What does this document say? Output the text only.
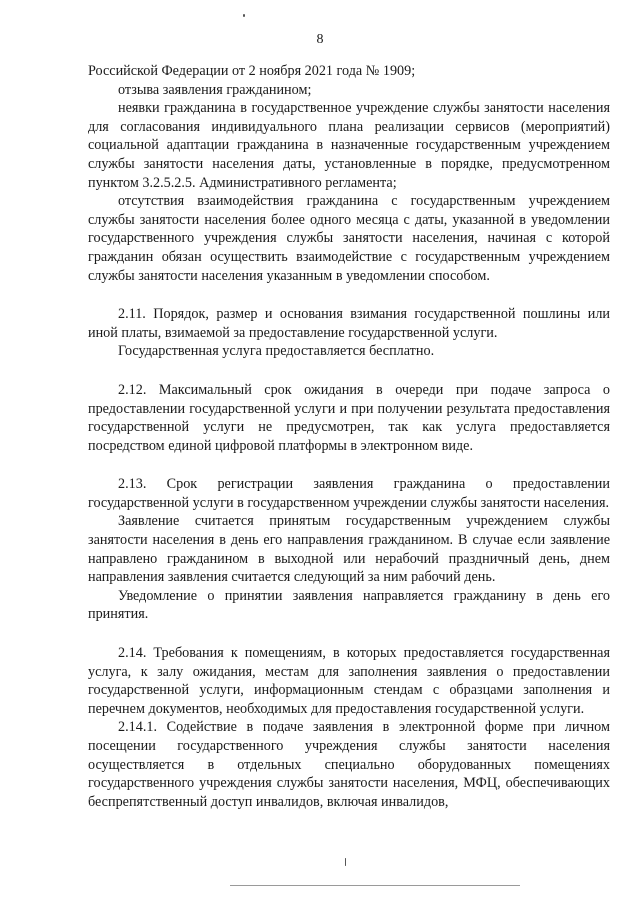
8

Российской Федерации от 2 ноября 2021 года № 1909;

отзыва заявления гражданином;

неявки гражданина в государственное учреждение службы занятости населения для согласования индивидуального плана реализации сервисов (мероприятий) социальной адаптации гражданина в назначенные государственным учреждением службы занятости населения даты, установленные в порядке, предусмотренном пунктом 3.2.5.2.5. Административного регламента;

отсутствия взаимодействия гражданина с государственным учреждением службы занятости населения более одного месяца с даты, указанной в уведомлении государственного учреждения службы занятости населения, начиная с которой гражданин обязан осуществить взаимодействие с государственным учреждением службы занятости населения указанным в уведомлении способом.

2.11. Порядок, размер и основания взимания государственной пошлины или иной платы, взимаемой за предоставление государственной услуги.

Государственная услуга предоставляется бесплатно.

2.12. Максимальный срок ожидания в очереди при подаче запроса о предоставлении государственной услуги и при получении результата предоставления государственной услуги не предусмотрен, так как услуга предоставляется посредством единой цифровой платформы в электронном виде.

2.13. Срок регистрации заявления гражданина о предоставлении государственной услуги в государственном учреждении службы занятости населения.

Заявление считается принятым государственным учреждением службы занятости населения в день его направления гражданином. В случае если заявление направлено гражданином в выходной или нерабочий праздничный день, днем направления заявления считается следующий за ним рабочий день.

Уведомление о принятии заявления направляется гражданину в день его принятия.

2.14. Требования к помещениям, в которых предоставляется государственная услуга, к залу ожидания, местам для заполнения заявления о предоставлении государственной услуги, информационным стендам с образцами заполнения и перечнем документов, необходимых для предоставления государственной услуги.

2.14.1. Содействие в подаче заявления в электронной форме при личном посещении государственного учреждения службы занятости населения осуществляется в отдельных специально оборудованных помещениях государственного учреждения службы занятости населения, МФЦ, обеспечивающих беспрепятственный доступ инвалидов, включая инвалидов,
